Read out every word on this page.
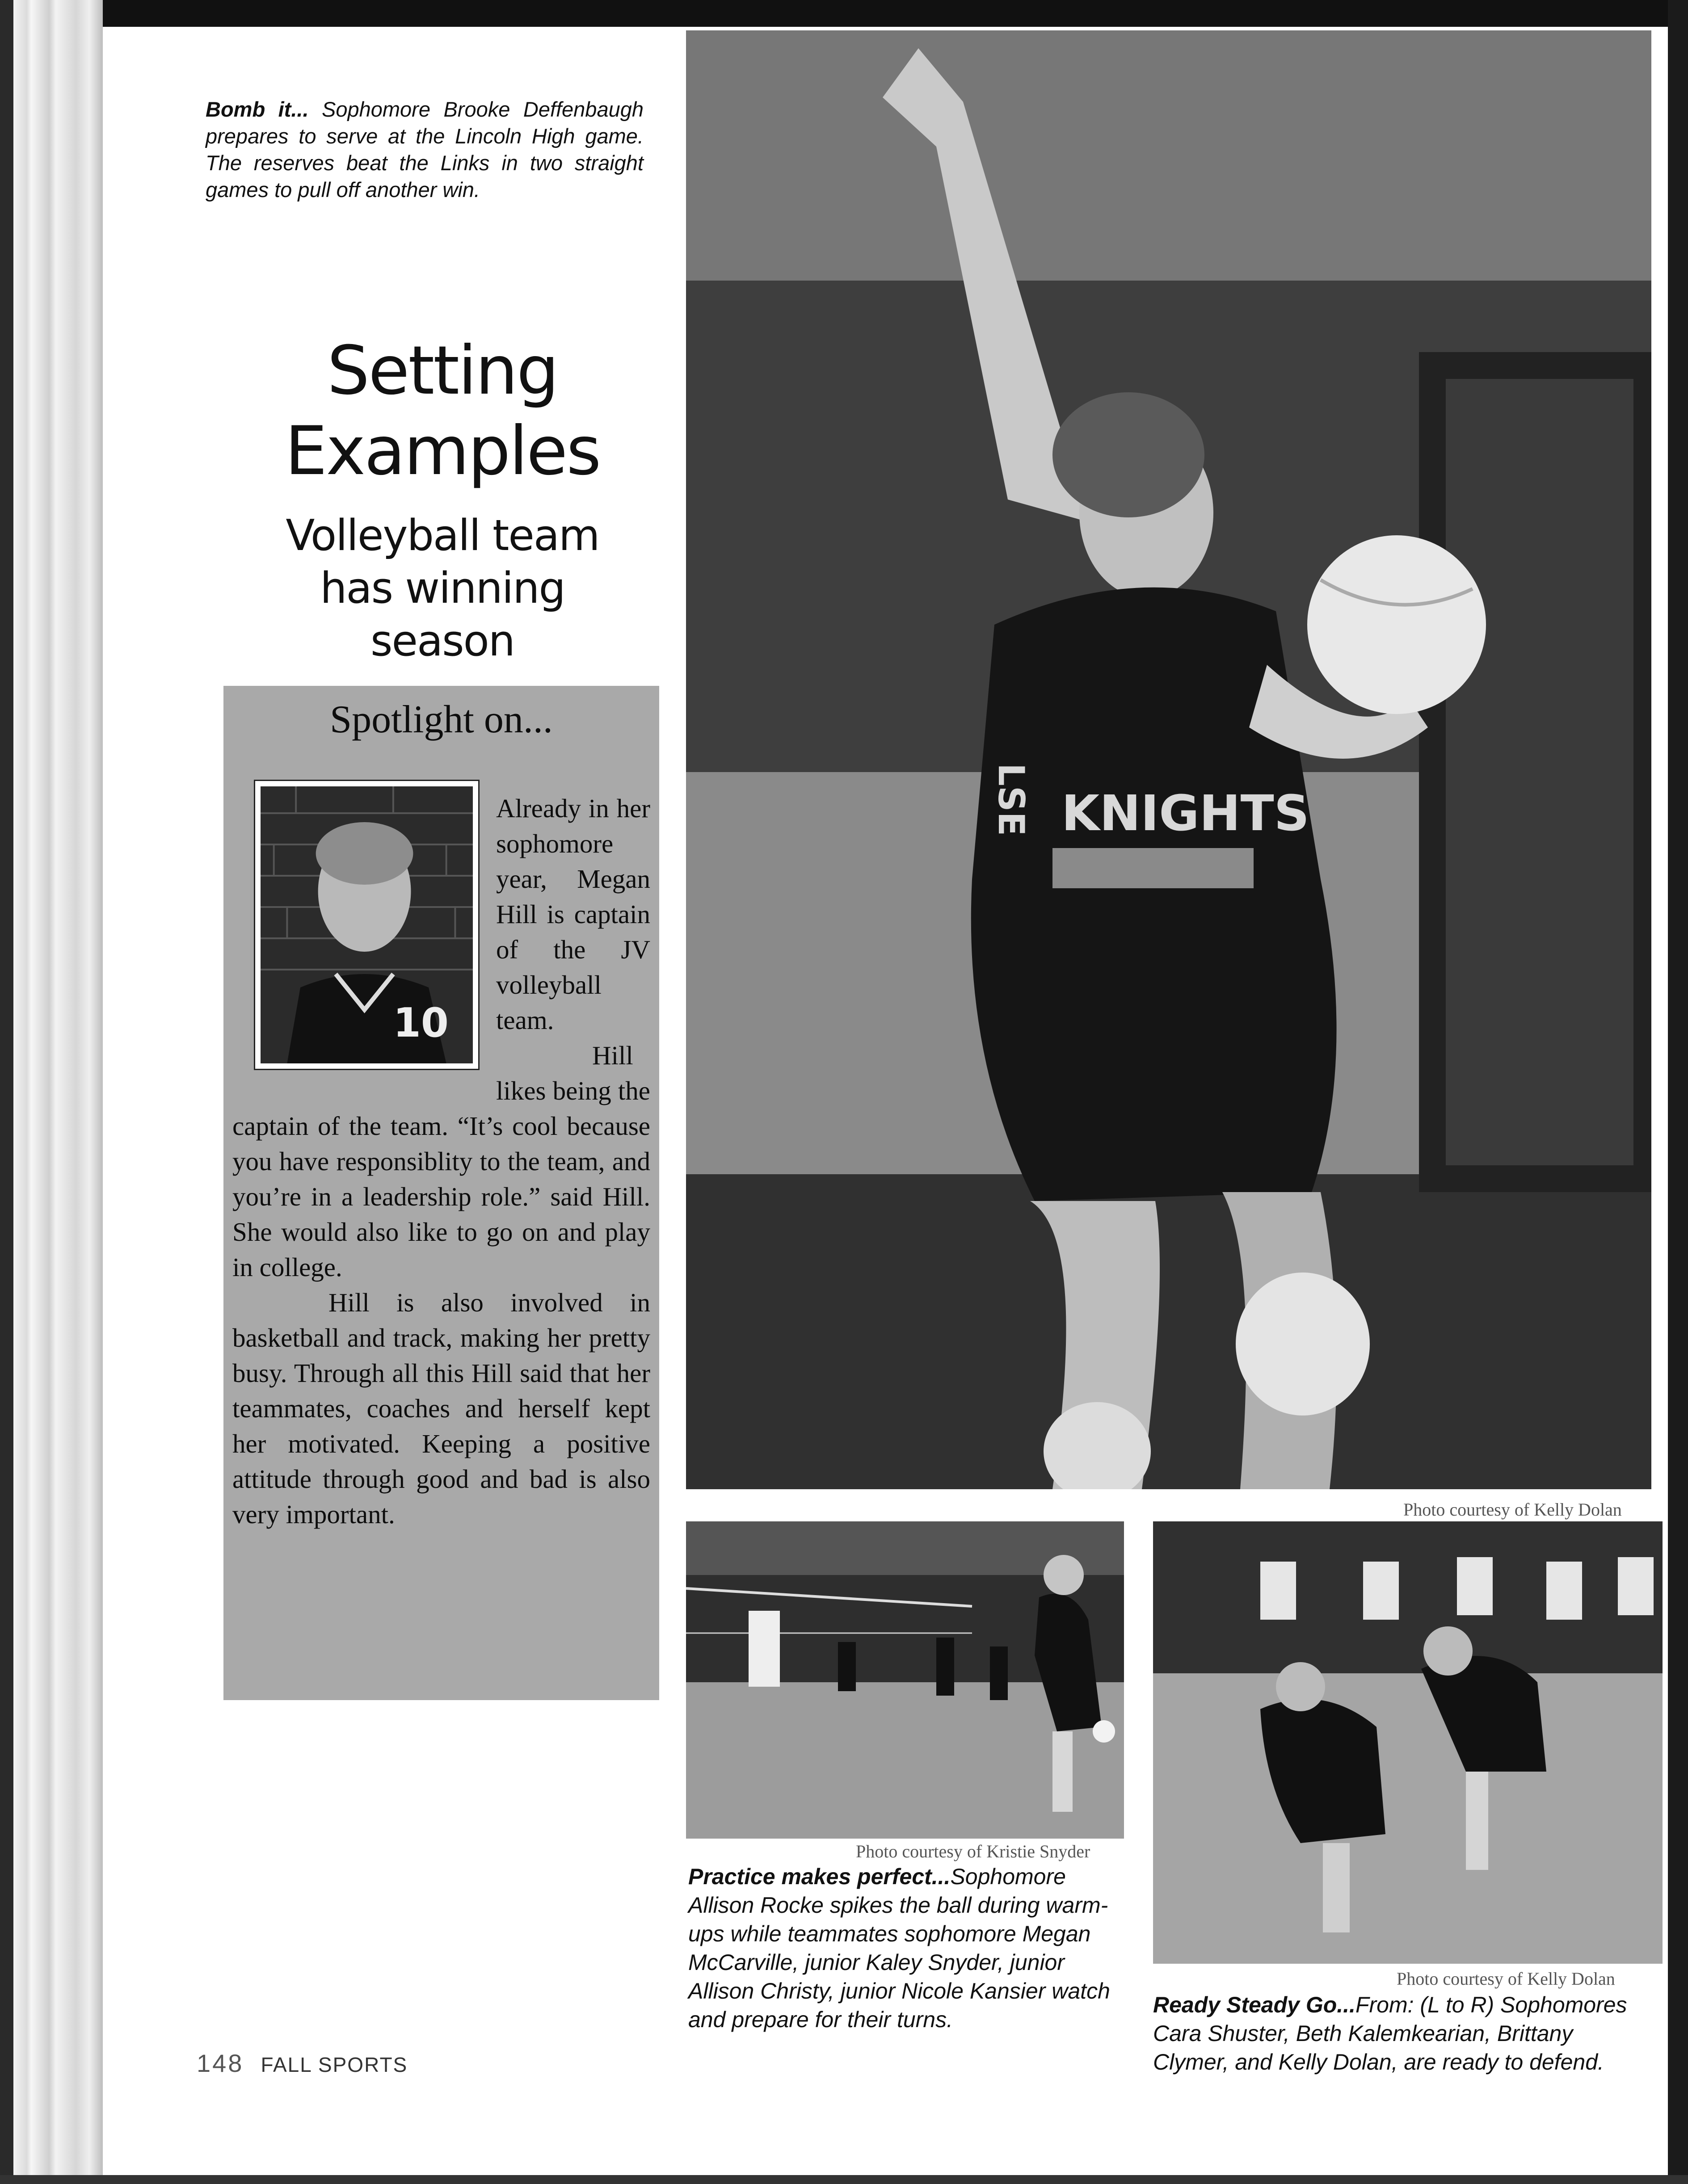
Bomb it... Sophomore Brooke Deffenbaugh prepares to serve at the Lincoln High game. The reserves beat the Links in two straight games to pull off another win.
Setting Examples
Volleyball team has winning season
Spotlight on...
10

Already in her sophomore year, Megan Hill is captain of the JV volleyball team.

Hill likes being the captain of the team. “It’s cool because you have responsiblity to the team, and you’re in a leadership role.” said Hill. She would also like to go on and play in college.

Hill is also involved in basketball and track, making her pretty busy. Through all this Hill said that her teammates, coaches and herself kept her motivated. Keeping a positive attitude through good and bad is also very important.

KNIGHTS
LSE
Photo courtesy of Kelly Dolan
Photo courtesy of Kristie Snyder
Practice makes perfect...Sophomore Allison Rocke spikes the ball during warm-ups while teammates sophomore Megan McCarville, junior Kaley Snyder, junior Allison Christy, junior Nicole Kansier watch and prepare for their turns.
Photo courtesy of Kelly Dolan
Ready Steady Go...From: (L to R) Sophomores Cara Shuster, Beth Kalemkearian, Brittany Clymer, and Kelly Dolan, are ready to defend.
148 FALL SPORTS
